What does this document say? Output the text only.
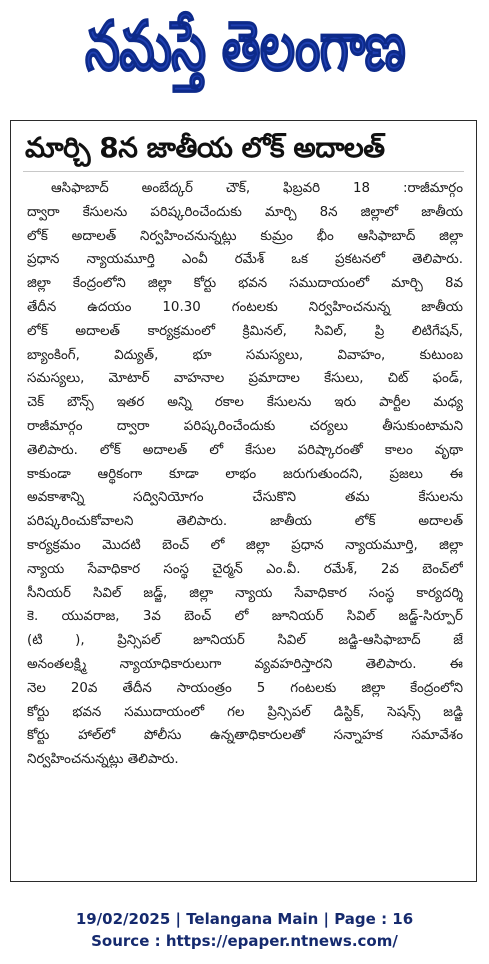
నమస్తే తెలంగాణ
మార్చి 8న జాతీయ లోక్ అదాలత్
ఆసిఫాబాద్ అంబేద్కర్ చౌక్, ఫిబ్రవరి 18 :రాజీమార్గం
ద్వారా కేసులను పరిష్కరించేందుకు మార్చి 8న జిల్లాలో జాతీయ
లోక్ అదాలత్ నిర్వహించనున్నట్లు కుమ్రం భీం ఆసిఫాబాద్ జిల్లా
ప్రధాన న్యాయమూర్తి ఎంవీ రమేశ్ ఒక ప్రకటనలో తెలిపారు.
జిల్లా కేంద్రంలోని జిల్లా కోర్టు భవన సముదాయంలో మార్చి 8వ
తేదీన ఉదయం 10.30 గంటలకు నిర్వహించనున్న జాతీయ
లోక్ అదాలత్ కార్యక్రమంలో క్రిమినల్, సివిల్, ప్రి లిటిగేషన్,
బ్యాంకింగ్, విద్యుత్, భూ సమస్యలు, వివాహం, కుటుంబ
సమస్యలు, మోటార్ వాహనాల ప్రమాదాల కేసులు, చిట్ ఫండ్,
చెక్ బౌన్స్ ఇతర అన్ని రకాల కేసులను ఇరు పార్టీల మధ్య
రాజీమార్గం ద్వారా పరిష్కరించేందుకు చర్యలు తీసుకుంటామని
తెలిపారు. లోక్ అదాలత్ లో కేసుల పరిష్కారంతో కాలం వృథా
కాకుండా ఆర్థికంగా కూడా లాభం జరుగుతుందని, ప్రజలు ఈ
అవకాశాన్ని సద్వినియోగం చేసుకొని తమ కేసులను
పరిష్కరించుకోవాలని తెలిపారు. జాతీయ లోక్ అదాలత్
కార్యక్రమం మొదటి బెంచ్ లో జిల్లా ప్రధాన న్యాయమూర్తి, జిల్లా
న్యాయ సేవాధికార సంస్థ చైర్మన్ ఎం.వీ. రమేశ్, 2వ బెంచ్‌లో
సీనియర్ సివిల్ జడ్జ్, జిల్లా న్యాయ సేవాధికార సంస్థ కార్యదర్శి
కె. యువరాజ, 3వ బెంచ్ లో జూనియర్ సివిల్ జడ్జ్-సిర్పూర్
(టి ), ప్రిన్సిపల్ జూనియర్ సివిల్ జడ్జి-ఆసిఫాబాద్ జే
అనంతలక్ష్మి న్యాయాధికారులుగా వ్యవహరిస్తారని తెలిపారు. ఈ
నెల 20వ తేదీన సాయంత్రం 5 గంటలకు జిల్లా కేంద్రంలోని
కోర్టు భవన సముదాయంలో గల ప్రిన్సిపల్ డిస్టిక్, సెషన్స్ జడ్జి
కోర్టు హాల్‌లో పోలీసు ఉన్నతాధికారులతో సన్నాహక సమావేశం
నిర్వహించనున్నట్లు తెలిపారు.
19/02/2025 | Telangana Main | Page : 16
Source : https://epaper.ntnews.com/
